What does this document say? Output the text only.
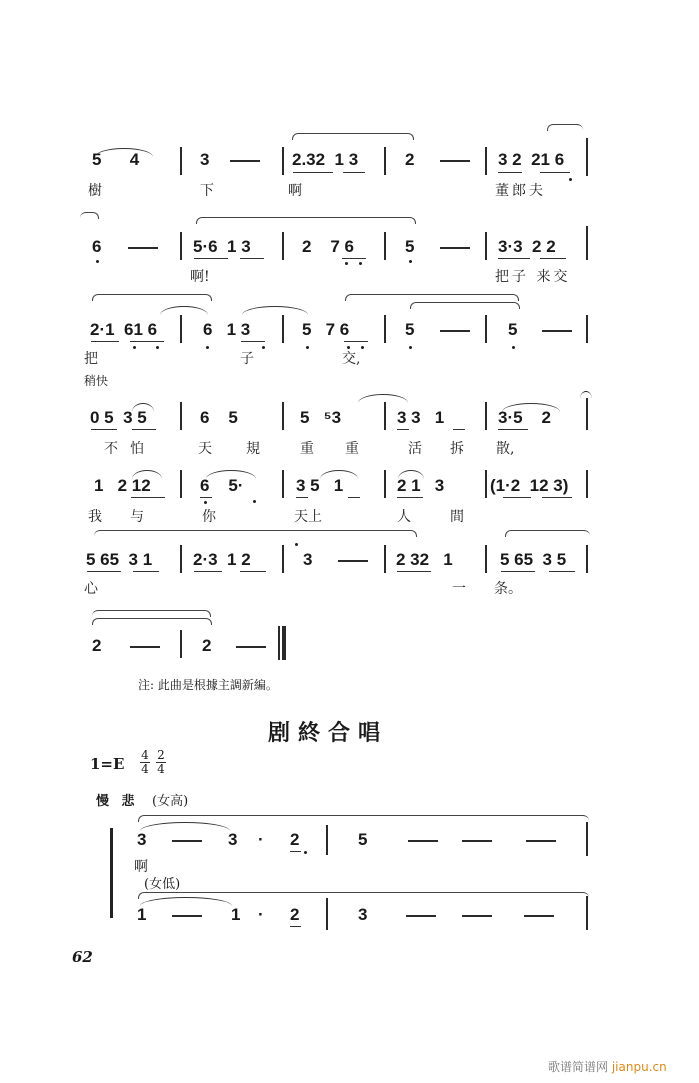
5      4	3	2.32  1 3	2	3 2  21 6
樹	下	啊	董郎夫
6	5·6  1 3	2    7 6	5	3·3  2 2
啊!	把子 来交
2·1  61 6	6   1 3	5   7 6	5	5
把	子	交,
稍快
0 5  3 5	6    5	5   ⁵3	3 3   1	3·5    2
不怕	天 規	重 重	活 拆 散,
1   2 12	6    5·	3 5   1	2 1   3	(1·2  12 3)
我 与	你	天上	人	間
5 65  3 1 2·3  1 2	3	2 32   1	5 65  3 5
心	一 条。
2	2
注: 此曲是根據主調新編。
剧終合唱
1=E 4
4
2
4
慢 悲 (女高)
3	3 · 2	5
啊
(女低)
1	1 · 2	3
62
歌谱简谱网 jianpu.cn
